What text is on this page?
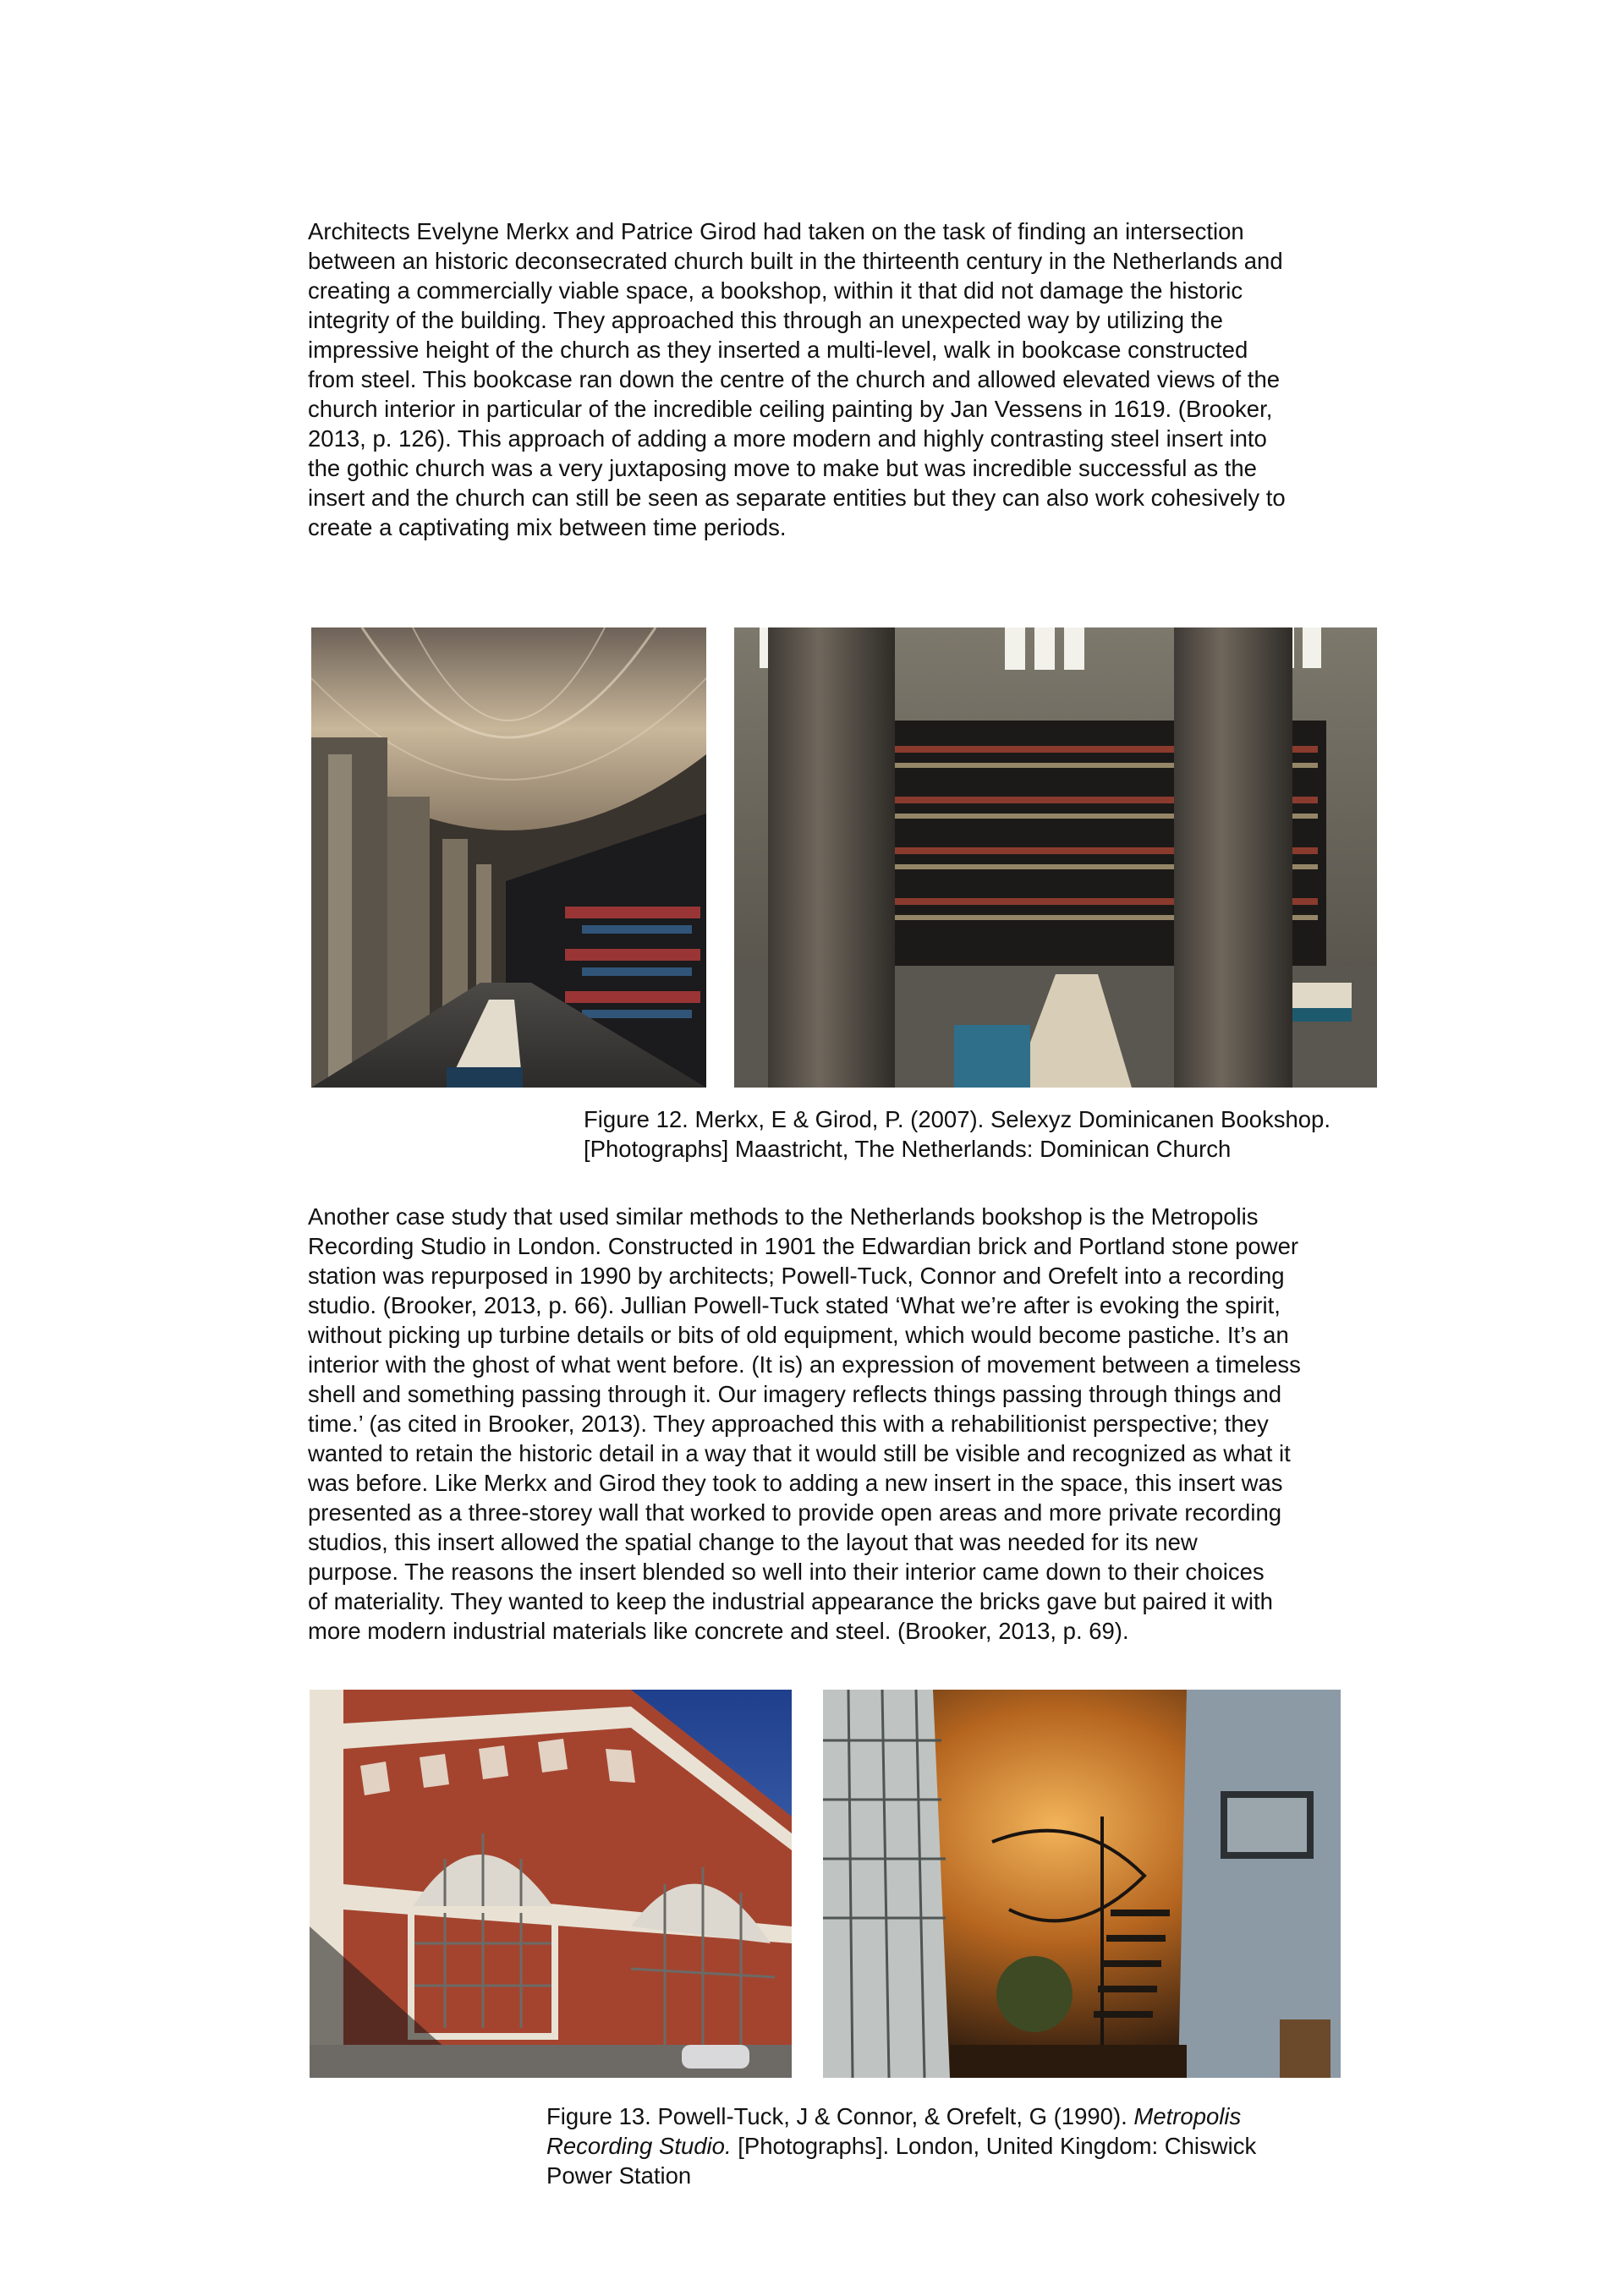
Architects Evelyne Merkx and Patrice Girod had taken on the task of finding an intersection
between an historic deconsecrated church built in the thirteenth century in the Netherlands and
creating a commercially viable space, a bookshop, within it that did not damage the historic
integrity of the building. They approached this through an unexpected way by utilizing the
impressive height of the church as they inserted a multi-level, walk in bookcase constructed
from steel. This bookcase ran down the centre of the church and allowed elevated views of the
church interior in particular of the incredible ceiling painting by Jan Vessens in 1619. (Brooker,
2013, p. 126). This approach of adding a more modern and highly contrasting steel insert into
the gothic church was a very juxtaposing move to make but was incredible successful as the
insert and the church can still be seen as separate entities but they can also work cohesively to
create a captivating mix between time periods.
Figure 12. Merkx, E & Girod, P. (2007). Selexyz Dominicanen Bookshop.
[Photographs] Maastricht, The Netherlands: Dominican Church
Another case study that used similar methods to the Netherlands bookshop is the Metropolis
Recording Studio in London. Constructed in 1901 the Edwardian brick and Portland stone power
station was repurposed in 1990 by architects; Powell-Tuck, Connor and Orefelt into a recording
studio. (Brooker, 2013, p. 66). Jullian Powell-Tuck stated ‘What we’re after is evoking the spirit,
without picking up turbine details or bits of old equipment, which would become pastiche. It’s an
interior with the ghost of what went before. (It is) an expression of movement between a timeless
shell and something passing through it. Our imagery reflects things passing through things and
time.’ (as cited in Brooker, 2013). They approached this with a rehabilitionist perspective; they
wanted to retain the historic detail in a way that it would still be visible and recognized as what it
was before. Like Merkx and Girod they took to adding a new insert in the space, this insert was
presented as a three-storey wall that worked to provide open areas and more private recording
studios, this insert allowed the spatial change to the layout that was needed for its new
purpose. The reasons the insert blended so well into their interior came down to their choices
of materiality. They wanted to keep the industrial appearance the bricks gave but paired it with
more modern industrial materials like concrete and steel. (Brooker, 2013, p. 69).
Figure 13. Powell-Tuck, J & Connor, & Orefelt, G (1990). Metropolis
Recording Studio. [Photographs]. London, United Kingdom: Chiswick
Power Station
